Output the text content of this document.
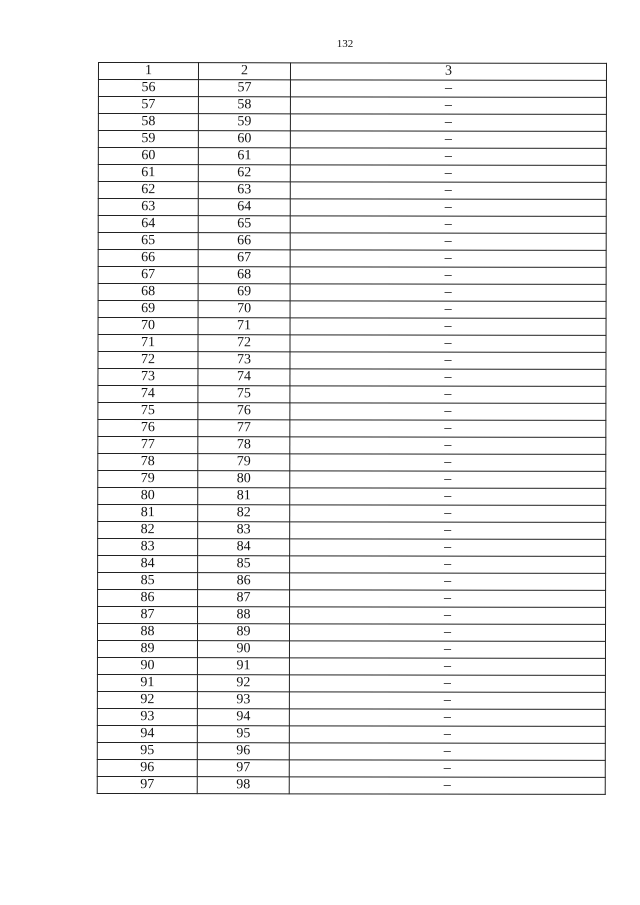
132
1	2	3
56	57	–
57	58	–
58	59	–
59	60	–
60	61	–
61	62	–
62	63	–
63	64	–
64	65	–
65	66	–
66	67	–
67	68	–
68	69	–
69	70	–
70	71	–
71	72	–
72	73	–
73	74	–
74	75	–
75	76	–
76	77	–
77	78	–
78	79	–
79	80	–
80	81	–
81	82	–
82	83	–
83	84	–
84	85	–
85	86	–
86	87	–
87	88	–
88	89	–
89	90	–
90	91	–
91	92	–
92	93	–
93	94	–
94	95	–
95	96	–
96	97	–
97	98	–
